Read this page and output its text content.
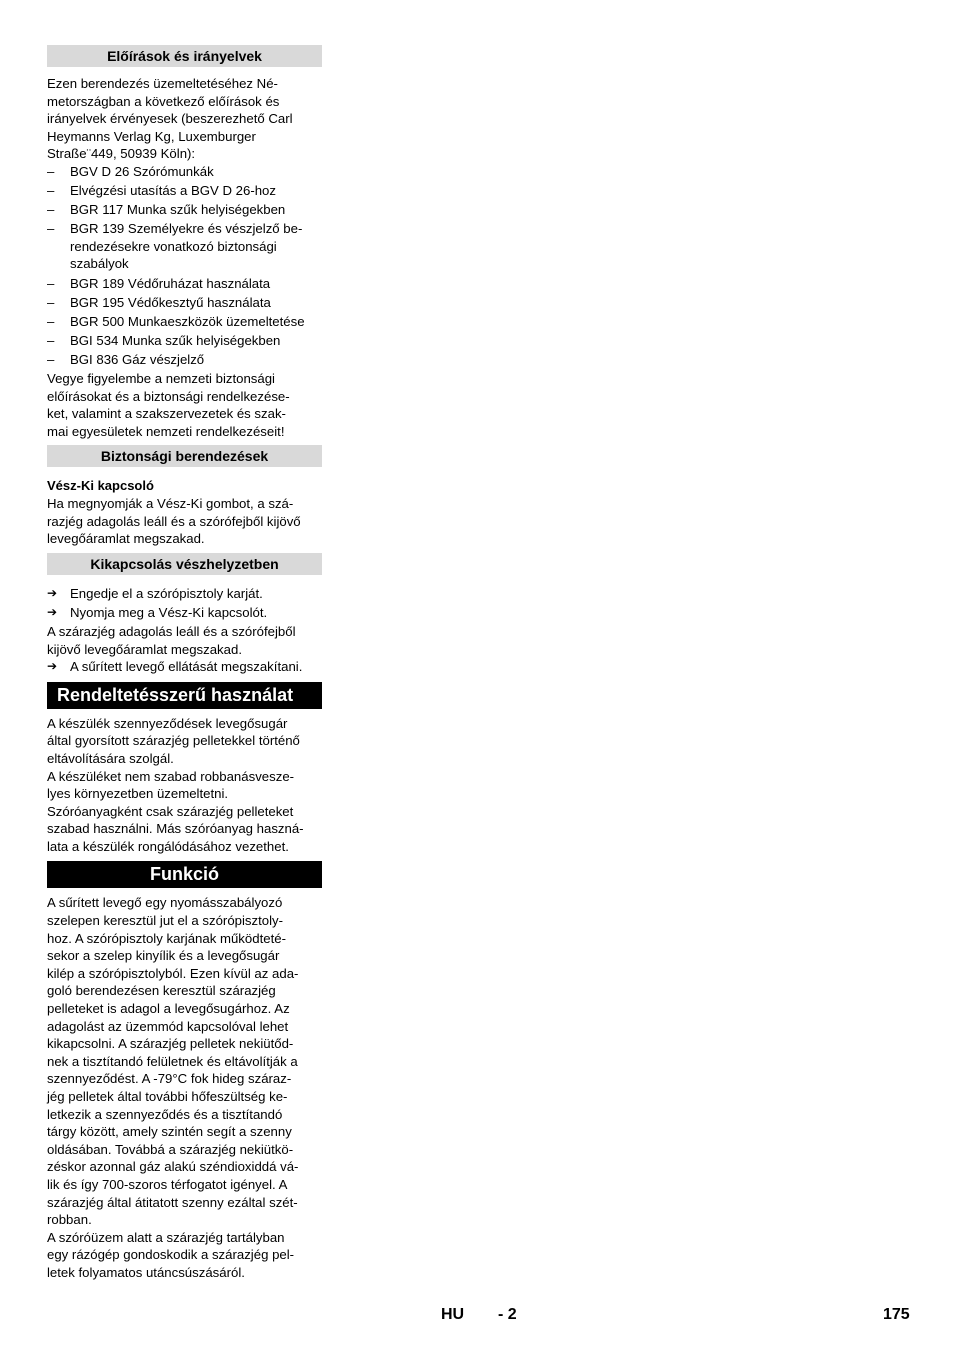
Előírások és irányelvek

Ezen berendezés üzemeltetéséhez Né-
metországban a következő előírások és
irányelvek érvényesek (beszerezhető Carl
Heymanns Verlag Kg, Luxemburger
Straße¨449, 50939 Köln):

– BGV D 26 Szórómunkák
– Elvégzési utasítás a BGV D 26-hoz
– BGR 117 Munka szűk helyiségekben
– BGR 139 Személyekre és vészjelző be-
rendezésekre vonatkozó biztonsági
szabályok
– BGR 189 Védőruházat használata
– BGR 195 Védőkesztyű használata
– BGR 500 Munkaeszközök üzemeltetése
– BGI 534 Munka szűk helyiségekben
– BGI 836 Gáz vészjelző

Vegye figyelembe a nemzeti biztonsági
előírásokat és a biztonsági rendelkezése-
ket, valamint a szakszervezetek és szak-
mai egyesületek nemzeti rendelkezéseit!

Biztonsági berendezések

Vész-Ki kapcsoló

Ha megnyomják a Vész-Ki gombot, a szá-
razjég adagolás leáll és a szórófejből kijövő
levegőáramlat megszakad.

Kikapcsolás vészhelyzetben
➔ Engedje el a szórópisztoly karját.
➔ Nyomja meg a Vész-Ki kapcsolót.

A szárazjég adagolás leáll és a szórófejből
kijövő levegőáramlat megszakad.

➔ A sűrített levegő ellátását megszakítani.
Rendeltetésszerű használat

A készülék szennyeződések levegősugár
által gyorsított szárazjég pelletekkel történő
eltávolítására szolgál.

A készüléket nem szabad robbanásvesze-
lyes környezetben üzemeltetni.

Szóróanyagként csak szárazjég pelleteket
szabad használni. Más szóróanyag haszná-
lata a készülék rongálódásához vezethet.

Funkció

A sűrített levegő egy nyomásszabályozó
szelepen keresztül jut el a szórópisztoly-
hoz. A szórópisztoly karjának működteté-
sekor a szelep kinyílik és a levegősugár
kilép a szórópisztolyból. Ezen kívül az ada-
goló berendezésen keresztül szárazjég
pelleteket is adagol a levegősugárhoz. Az
adagolást az üzemmód kapcsolóval lehet
kikapcsolni. A szárazjég pelletek nekiütőd-
nek a tisztítandó felületnek és eltávolítják a
szennyeződést. A -79°C fok hideg száraz-
jég pelletek által további hőfeszültség ke-
letkezik a szennyeződés és a tisztítandó
tárgy között, amely szintén segít a szenny
oldásában. Továbbá a szárazjég nekiütkö-
zéskor azonnal gáz alakú széndioxiddá vá-
lik és így 700-szoros térfogatot igényel. A
szárazjég által átitatott szenny ezáltal szét-
robban.

A szóróüzem alatt a szárazjég tartályban
egy rázógép gondoskodik a szárazjég pel-
letek folyamatos utáncsúszásáról.

HU - 2	175
